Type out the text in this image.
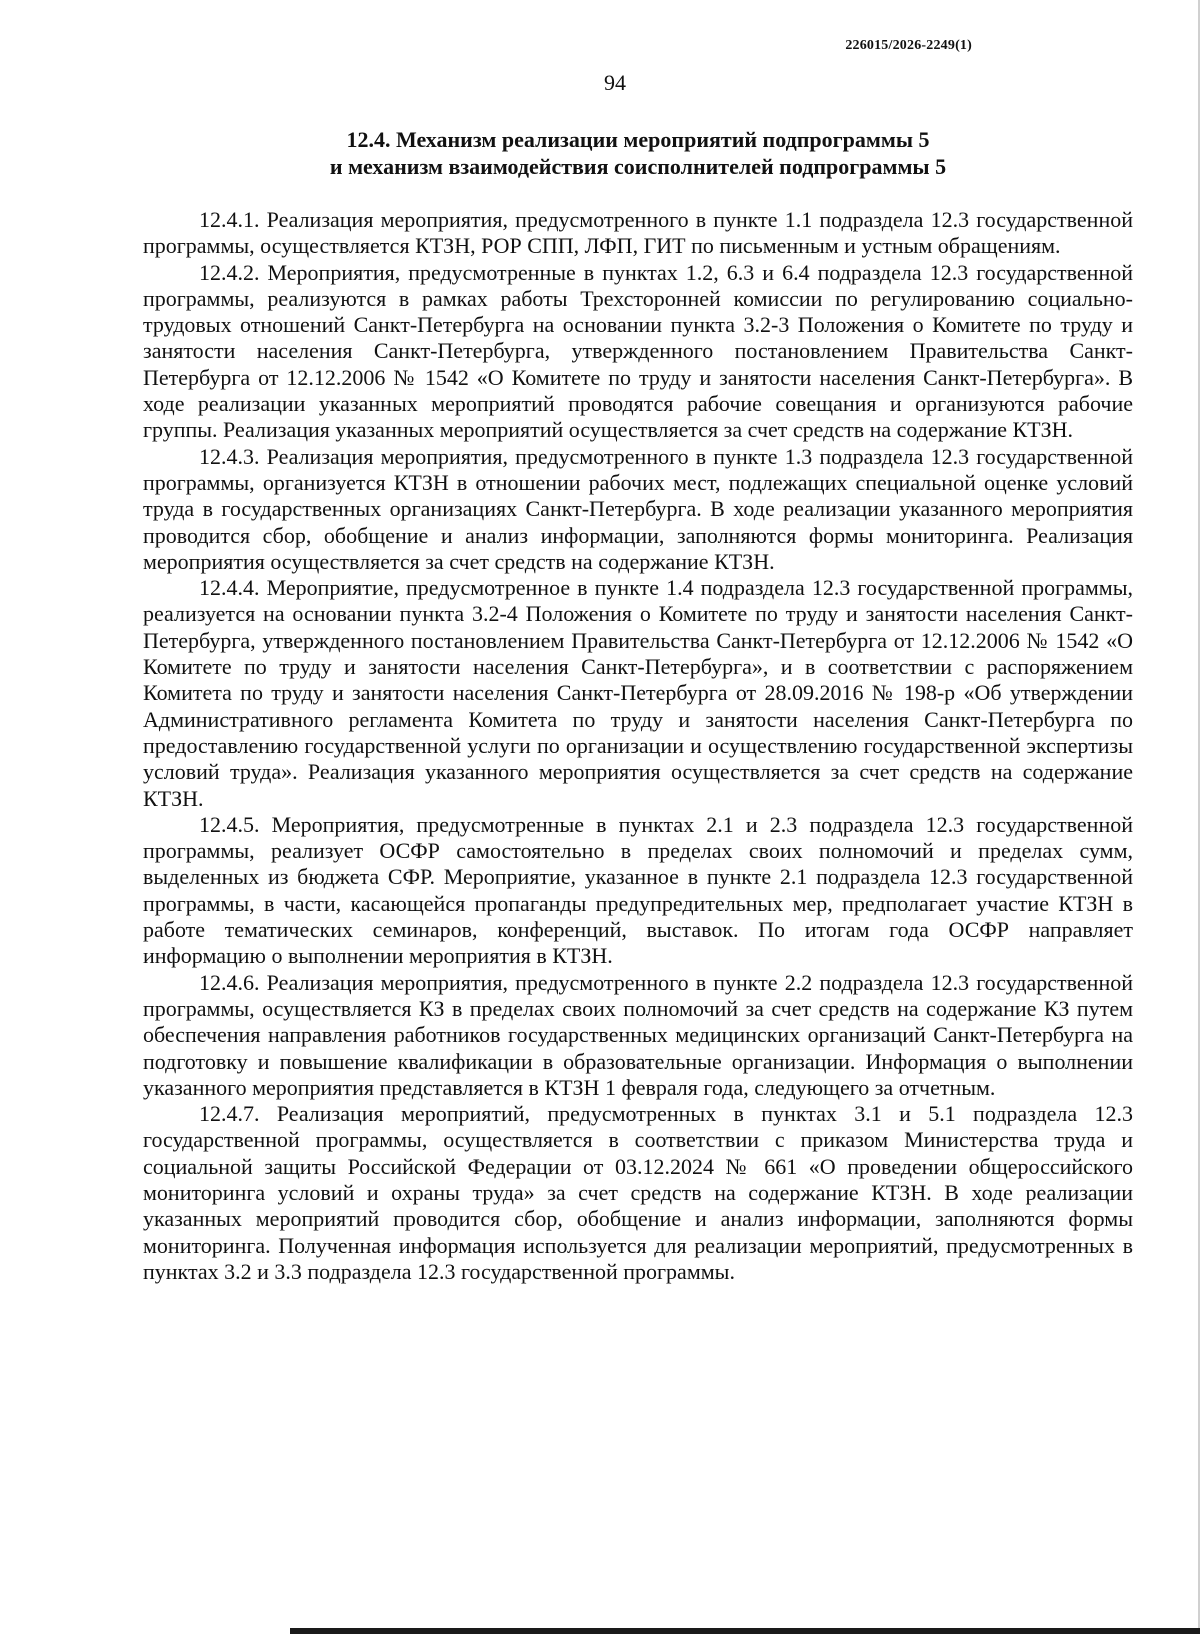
226015/2026-2249(1)
94
12.4. Механизм реализации мероприятий подпрограммы 5
и механизм взаимодействия соисполнителей подпрограммы 5

12.4.1. Реализация мероприятия, предусмотренного в пункте 1.1 подраздела 12.3 государственной программы, осуществляется КТЗН, РОР СПП, ЛФП, ГИТ по письменным и устным обращениям.

12.4.2. Мероприятия, предусмотренные в пунктах 1.2, 6.3 и 6.4 подраздела 12.3 государственной программы, реализуются в рамках работы Трехсторонней комиссии по регулированию социально-трудовых отношений Санкт-Петербурга на основании пункта 3.2-3 Положения о Комитете по труду и занятости населения Санкт-Петербурга, утвержденного постановлением Правительства Санкт-Петербурга от 12.12.2006 № 1542 «О Комитете по труду и занятости населения Санкт-Петербурга». В ходе реализации указанных мероприятий проводятся рабочие совещания и организуются рабочие группы. Реализация указанных мероприятий осуществляется за счет средств на содержание КТЗН.

12.4.3. Реализация мероприятия, предусмотренного в пункте 1.3 подраздела 12.3 государственной программы, организуется КТЗН в отношении рабочих мест, подлежащих специальной оценке условий труда в государственных организациях Санкт-Петербурга. В ходе реализации указанного мероприятия проводится сбор, обобщение и анализ информации, заполняются формы мониторинга. Реализация мероприятия осуществляется за счет средств на содержание КТЗН.

12.4.4. Мероприятие, предусмотренное в пункте 1.4 подраздела 12.3 государственной программы, реализуется на основании пункта 3.2-4 Положения о Комитете по труду и занятости населения Санкт-Петербурга, утвержденного постановлением Правительства Санкт-Петербурга от 12.12.2006 № 1542 «О Комитете по труду и занятости населения Санкт-Петербурга», и в соответствии с распоряжением Комитета по труду и занятости населения Санкт-Петербурга от 28.09.2016 № 198-р «Об утверждении Административного регламента Комитета по труду и занятости населения Санкт-Петербурга по предоставлению государственной услуги по организации и осуществлению государственной экспертизы условий труда». Реализация указанного мероприятия осуществляется за счет средств на содержание КТЗН.

12.4.5. Мероприятия, предусмотренные в пунктах 2.1 и 2.3 подраздела 12.3 государственной программы, реализует ОСФР самостоятельно в пределах своих полномочий и пределах сумм, выделенных из бюджета СФР. Мероприятие, указанное в пункте 2.1 подраздела 12.3 государственной программы, в части, касающейся пропаганды предупредительных мер, предполагает участие КТЗН в работе тематических семинаров, конференций, выставок. По итогам года ОСФР направляет информацию о выполнении мероприятия в КТЗН.

12.4.6. Реализация мероприятия, предусмотренного в пункте 2.2 подраздела 12.3 государственной программы, осуществляется КЗ в пределах своих полномочий за счет средств на содержание КЗ путем обеспечения направления работников государственных медицинских организаций Санкт-Петербурга на подготовку и повышение квалификации в образовательные организации. Информация о выполнении указанного мероприятия представляется в КТЗН 1 февраля года, следующего за отчетным.

12.4.7. Реализация мероприятий, предусмотренных в пунктах 3.1 и 5.1 подраздела 12.3 государственной программы, осуществляется в соответствии с приказом Министерства труда и социальной защиты Российской Федерации от 03.12.2024 № 661 «О проведении общероссийского мониторинга условий и охраны труда» за счет средств на содержание КТЗН. В ходе реализации указанных мероприятий проводится сбор, обобщение и анализ информации, заполняются формы мониторинга. Полученная информация используется для реализации мероприятий, предусмотренных в пунктах 3.2 и 3.3 подраздела 12.3 государственной программы.
